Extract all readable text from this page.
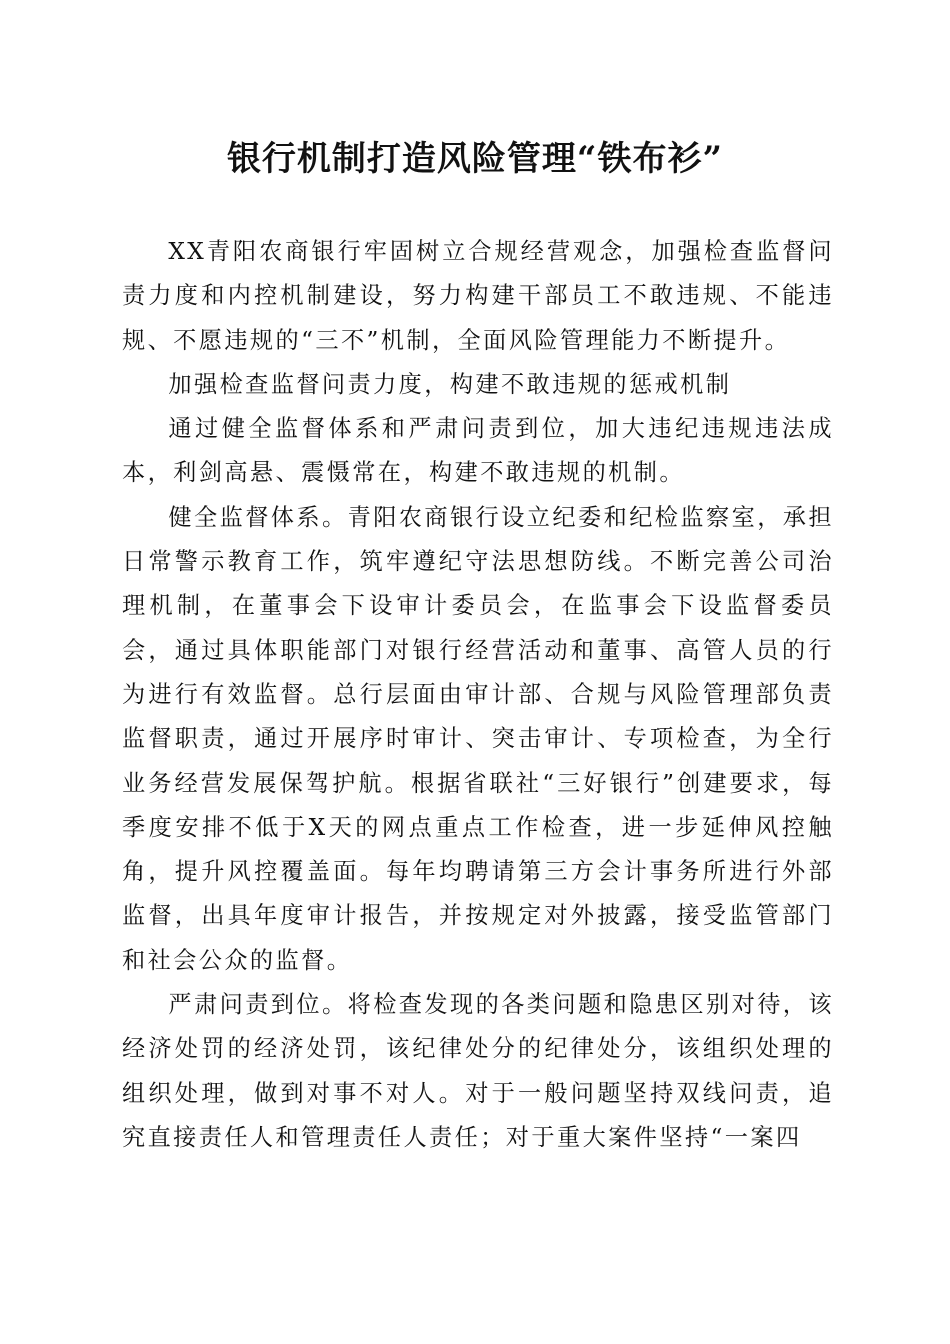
银行机制打造风险管理“铁布衫”

XX青阳农商银行牢固树立合规经营观念，加强检查监督问责力度和内控机制建设，努力构建干部员工不敢违规、不能违规、不愿违规的“三不”机制，全面风险管理能力不断提升。

加强检查监督问责力度，构建不敢违规的惩戒机制

通过健全监督体系和严肃问责到位，加大违纪违规违法成本，利剑高悬、震慑常在，构建不敢违规的机制。

健全监督体系。青阳农商银行设立纪委和纪检监察室，承担日常警示教育工作，筑牢遵纪守法思想防线。不断完善公司治理机制，在董事会下设审计委员会，在监事会下设监督委员会，通过具体职能部门对银行经营活动和董事、高管人员的行为进行有效监督。总行层面由审计部、合规与风险管理部负责监督职责，通过开展序时审计、突击审计、专项检查，为全行业务经营发展保驾护航。根据省联社“三好银行”创建要求，每季度安排不低于X天的网点重点工作检查，进一步延伸风控触角，提升风控覆盖面。每年均聘请第三方会计事务所进行外部监督，出具年度审计报告，并按规定对外披露，接受监管部门和社会公众的监督。

严肃问责到位。将检查发现的各类问题和隐患区别对待，该经济处罚的经济处罚，该纪律处分的纪律处分，该组织处理的组织处理，做到对事不对人。对于一般问题坚持双线问责，追究直接责任人和管理责任人责任；对于重大案件坚持“一案四
